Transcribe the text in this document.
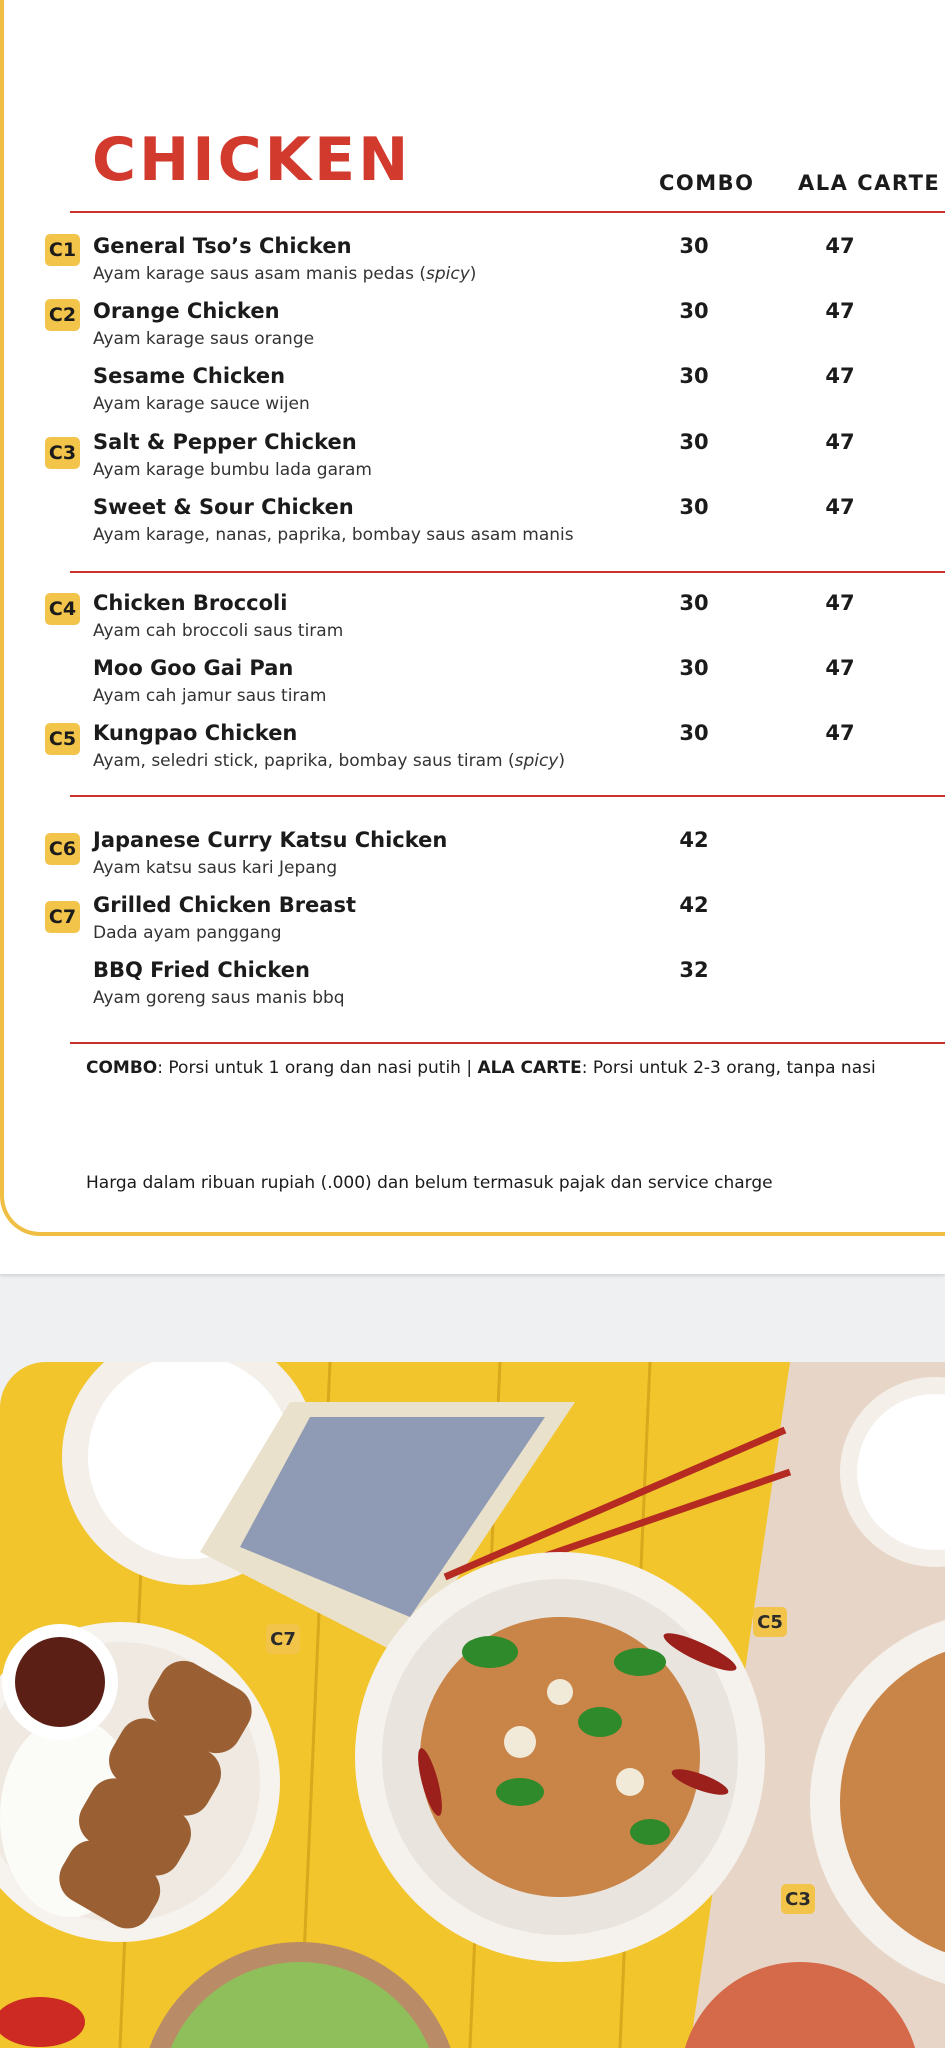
CHICKEN	COMBO ALA CARTE
C1 General Tso’s Chicken
Ayam karage saus asam manis pedas (spicy)
30	47
C2 Orange Chicken
Ayam karage saus orange
30	47
Sesame Chicken
Ayam karage sauce wijen
30	47
C3 Salt & Pepper Chicken
Ayam karage bumbu lada garam
30	47
Sweet & Sour Chicken
Ayam karage, nanas, paprika, bombay saus asam manis
30	47
C4 Chicken Broccoli
Ayam cah broccoli saus tiram
30	47
Moo Goo Gai Pan
Ayam cah jamur saus tiram
30	47
C5 Kungpao Chicken
Ayam, seledri stick, paprika, bombay saus tiram (spicy)
30	47
C6 Japanese Curry Katsu Chicken
Ayam katsu saus kari Jepang
42
C7 Grilled Chicken Breast
Dada ayam panggang
42
BBQ Fried Chicken
Ayam goreng saus manis bbq
32
COMBO: Porsi untuk 1 orang dan nasi putih | ALA CARTE: Porsi untuk 2-3 orang, tanpa nasi
Harga dalam ribuan rupiah (.000) dan belum termasuk pajak dan service charge
C7
C5
C3
